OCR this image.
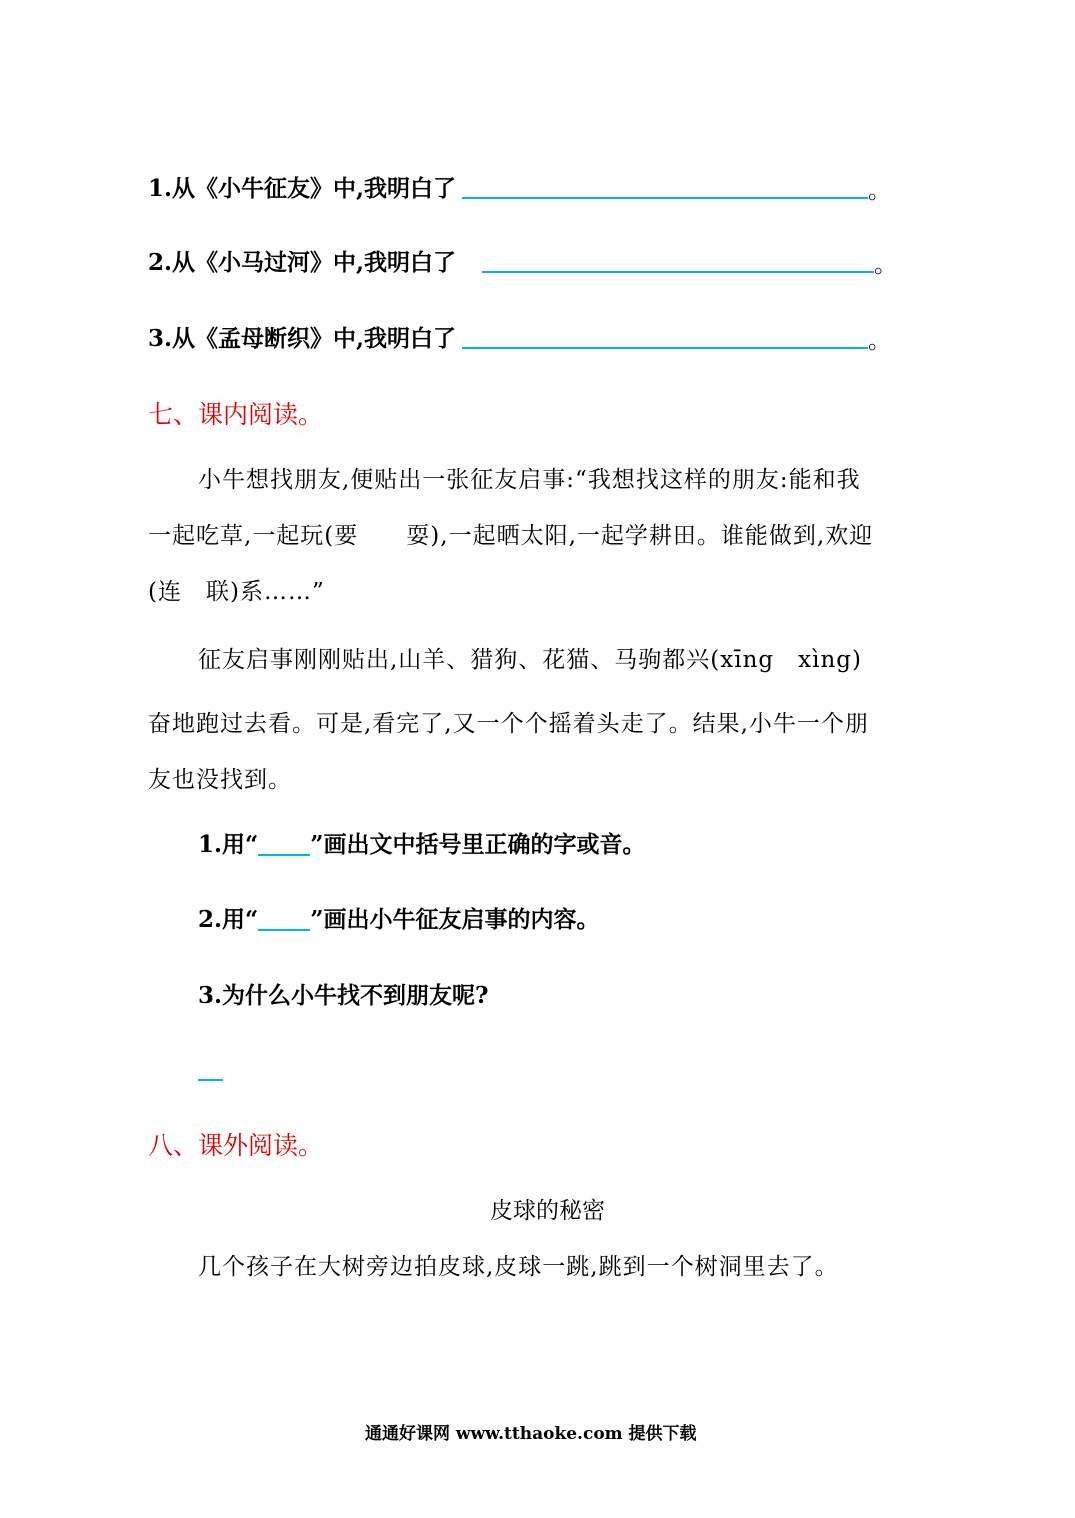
1.从《小牛征友》中,我明白了	。
2.从《小马过河》中,我明白了	。
3.从《孟母断织》中,我明白了	。
七、课内阅读。
小牛想找朋友,便贴出一张征友启事:“我想找这样的朋友:能和我
一起吃草,一起玩(要　　耍),一起晒太阳,一起学耕田。谁能做到,欢迎
(连　联)系……”
征友启事刚刚贴出,山羊、猎狗、花猫、马驹都兴(xīng　xìng)
奋地跑过去看。可是,看完了,又一个个摇着头走了。结果,小牛一个朋
友也没找到。
1.用“ ”画出文中括号里正确的字或音。
2.用“ ”画出小牛征友启事的内容。
3.为什么小牛找不到朋友呢?
八、课外阅读。
皮球的秘密
几个孩子在大树旁边拍皮球,皮球一跳,跳到一个树洞里去了。
通通好课网 www.tthaoke.com 提供下载
